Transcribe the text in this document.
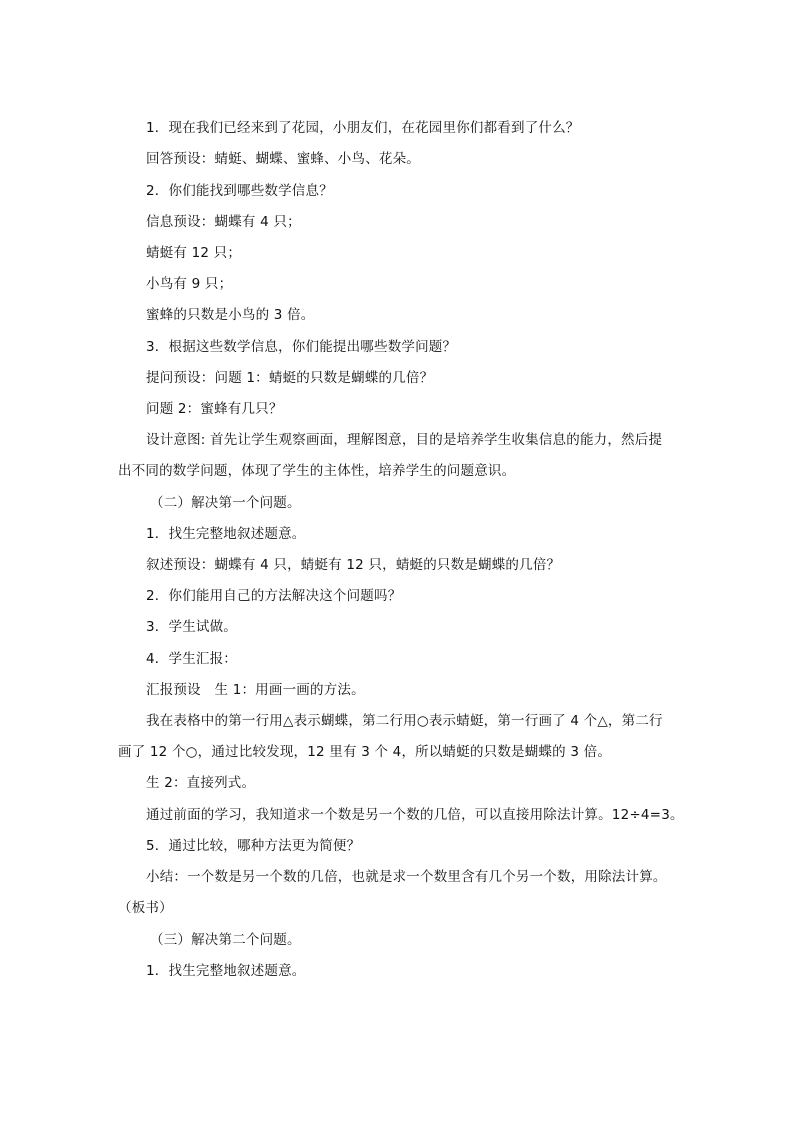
1．现在我们已经来到了花园，小朋友们，在花园里你们都看到了什么？
回答预设：蜻蜓、蝴蝶、蜜蜂、小鸟、花朵。
2．你们能找到哪些数学信息？
信息预设：蝴蝶有 4 只；
蜻蜓有 12 只；
小鸟有 9 只；
蜜蜂的只数是小鸟的 3 倍。
3．根据这些数学信息，你们能提出哪些数学问题？
提问预设：问题 1：蜻蜓的只数是蝴蝶的几倍？
问题 2：蜜蜂有几只？
设计意图: 首先让学生观察画面，理解图意，目的是培养学生收集信息的能力，然后提
出不同的数学问题，体现了学生的主体性，培养学生的问题意识。
（二）解决第一个问题。
1．找生完整地叙述题意。
叙述预设：蝴蝶有 4 只，蜻蜓有 12 只，蜻蜓的只数是蝴蝶的几倍？
2．你们能用自己的方法解决这个问题吗？
3．学生试做。
4．学生汇报：
汇报预设　生 1：用画一画的方法。
我在表格中的第一行用△表示蝴蝶，第二行用○表示蜻蜓，第一行画了 4 个△，第二行
画了 12 个○，通过比较发现，12 里有 3 个 4，所以蜻蜓的只数是蝴蝶的 3 倍。
生 2：直接列式。
通过前面的学习，我知道求一个数是另一个数的几倍，可以直接用除法计算。12÷4=3。
5．通过比较，哪种方法更为简便？
小结：一个数是另一个数的几倍，也就是求一个数里含有几个另一个数，用除法计算。
（板书）
（三）解决第二个问题。
1．找生完整地叙述题意。
